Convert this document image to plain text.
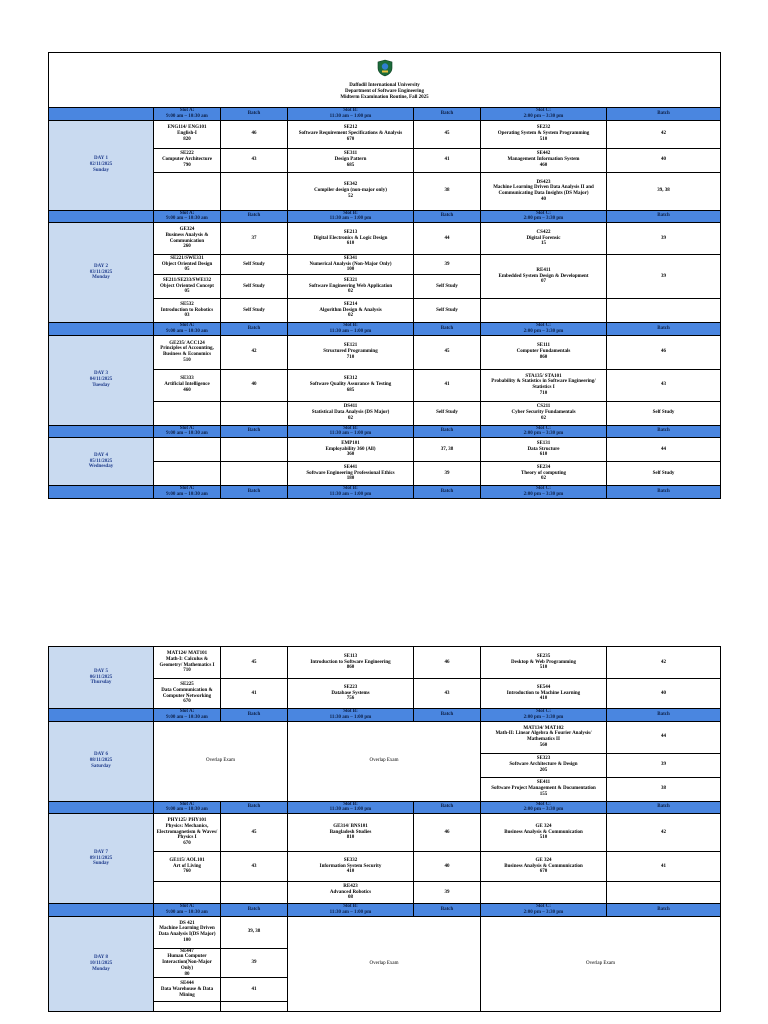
Daffodil International University
Department of Software Engineering
Midterm Examination Routine, Fall 2025						

	Slot A:
9:00 am – 10:30 am	Batch	Slot B:
11:30 am – 1:00 pm	Batch	Slot C:
2:00 pm – 3:30 pm	Batch

DAY 1
02/11/2025
Sunday	ENG114/ ENG101
English-I
820	46	SE212
Software Requirement Specifications & Analysis
670	45	SE232
Operating System & System Programming
510	42

	SE222
Computer Architecture
790	43	SE311
Design Pattern
685	41	SE442
Management Information System
460	40

			SE342
Compiler design (non-major only)
52	38	DS423
Machine Learning Driven Data Analysis II and Communicating Data Insights (DS Major)
40	39, 38

	Slot A:
9:00 am – 10:30 am	Batch	Slot B:
11:30 am – 1:00 pm	Batch	Slot C:
2:00 pm – 3:30 pm	Batch

DAY 2
03/11/2025
Monday	GE324
Business Analysis & Communication
260	37	SE213
Digital Electronics & Logic Design
610	44	CS422
Digital Forensic
15	39

	SE221/SWE331
Object Oriented Design
05	Self Study	SE341
Numerical Analysis (Non-Major Only)
100	39	RE411
Embedded System Design & Development
07	39

	SE211/SE233/SWE132
Object Oriented Concept
05	Self Study	SE321
Software Engineering Web Application
02	Self Study		

	SE532
Introduction to Robotics
03	Self Study	SE214
Algorithm Design & Analysis
02	Self Study		

	Slot A:
9:00 am – 10:30 am	Batch	Slot B:
11:30 am – 1:00 pm	Batch	Slot C:
2:00 pm – 3:30 pm	Batch

DAY 3
04/11/2025
Tuesday	GE235/ ACC124
Principles of Accounting, Business & Economics
510	42	SE121
Structured Programming
710	45	SE111
Computer Fundamentals
860	46

	SE333
Artificial Intelligence
460	40	SE312
Software Quality Assurance & Testing
685	41	STA135/ STA101
Probability & Statistics in Software Engineering/ Statistics I
710	43

			DS411
Statistical Data Analysis (DS Major)
02	Self Study	CS211
Cyber Security Fundamentals
02	Self Study

	Slot A:
9:00 am – 10:30 am	Batch	Slot B:
11:30 am – 1:00 pm	Batch	Slot C:
2:00 pm – 3:30 pm	Batch

DAY 4
05/11/2025
Wednesday			EMP101
Employability 360 (All)
360	37, 38	SE131
Data Structure
610	44

			SE441
Software Engineering Professional Ethics
180	39	SE234
Theory of computing
02	Self Study

	Slot A:
9:00 am – 10:30 am	Batch	Slot B:
11:30 am – 1:00 pm	Batch	Slot C:
2:00 pm – 3:30 pm	Batch
DAY 5
06/11/2025
Thursday	MAT124/ MAT101
Math-I: Calculus & Geometry/ Mathematics I
710	45	SE113
Introduction to Software Engineering
860	46	SE235
Desktop & Web Programming
510	42

	SE225
Data Communication & Computer Networking
670	41	SE223
Database Systems
756	43	SE544
Introduction to Machine Learning
410	40

	Slot A:
9:00 am – 10:30 am	Batch	Slot B:
11:30 am – 1:00 pm	Batch	Slot C:
2:00 pm – 3:30 pm	Batch

DAY 6
08/11/2025
Saturday	Overlap Exam		Overlap Exam		MAT134/ MAT102
Math-II: Linear Algebra & Fourier Analysis/ Mathematics II
560	44

					SE323
Software Architecture & Design
205	39

					SE411
Software Project Management & Documentation
155	38

	Slot A:
9:00 am – 10:30 am	Batch	Slot B:
11:30 am – 1:00 pm	Batch	Slot C:
2:00 pm – 3:30 pm	Batch

DAY 7
09/11/2025
Sunday	PHY125/ PHY101
Physics: Mechanics, Electromagnetism & Waves/ Physics I
670	45	GE314/ BNS101
Bangladesh Studies
810	46	GE 324
Business Analysis & Communication
510	42

	GE115/ AOL101
Art of Living
760	43	SE332
Information System Security
410	40	GE 324
Business Analysis & Communication
670	41

			RE423
Advanced Robotics
08	39		

	Slot A:
9:00 am – 10:30 am	Batch	Slot B:
11:30 am – 1:00 pm	Batch	Slot C:
2:00 pm – 3:30 pm	Batch

DAY 8
10/11/2025
Monday	DS 421
Machine Learning Driven Data Analysis I(DS Major)
100	39, 38	Overlap Exam		Overlap Exam	

	SE447
Human Computer Interaction(Non-Major Only)
80	39				

	SE444
Data Warehouse & Data Mining	41				
